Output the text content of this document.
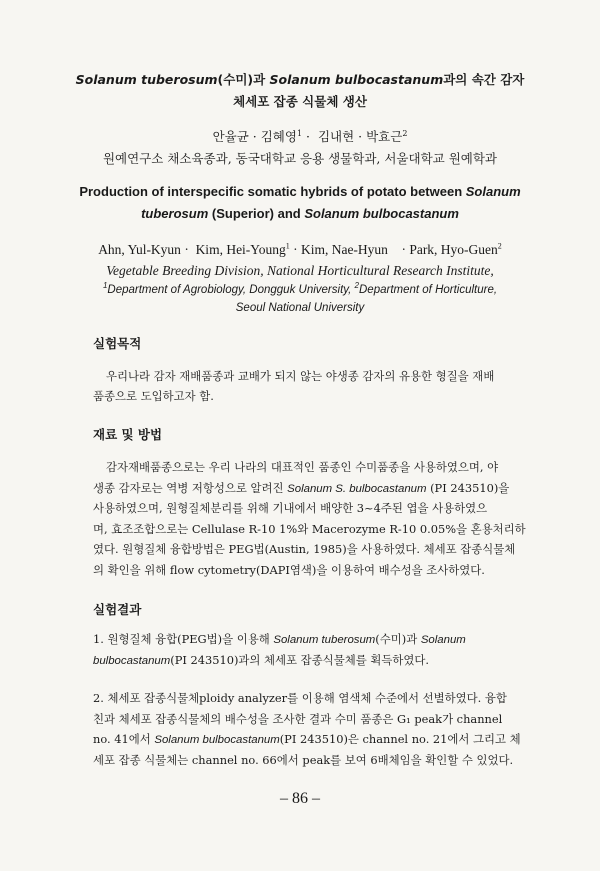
Solanum tuberosum(수미)과 Solanum bulbocastanum과의 속간 감자
체세포 잡종 식물체 생산
안율균 · 김혜영$^1$ ·  김내현 · 박효근$^2$
원예연구소 채소육종과, 동국대학교 응용 생물학과, 서울대학교 원예학과
Production of interspecific somatic hybrids of potato between Solanum
tuberosum (Superior) and Solanum bulbocastanum
Ahn, Yul-Kyun ·  Kim, Hei-Young$^1$ · Kim, Nae-Hyun    · Park, Hyo-Guen$^2$
Vegetable Breeding Division, National Horticultural Research Institute,
$^1$Department of Agrobiology, Dongguk University, $^2$Department of Horticulture,
Seoul National University
실험목적
우리나라 감자 재배품종과 교배가 되지 않는 야생종 감자의 유용한 형질을 재배
품종으로 도입하고자 함.
재료 및 방법
감자재배품종으로는 우리 나라의 대표적인 품종인 수미품종을 사용하였으며, 야
생종 감자로는 역병 저항성으로 알려진 Solanum S. bulbocastanum (PI 243510)을
사용하였으며, 원형질체분리를 위해 기내에서 배양한 3~4주된 엽을 사용하였으
며, 효조조합으로는 Cellulase R-10 1%와 Macerozyme R-10 0.05%을 혼용처리하
였다. 원형질체 융합방법은 PEG법(Austin, 1985)을 사용하였다. 체세포 잡종식물체
의 확인을 위해 flow cytometry(DAPI염색)을 이용하여 배수성을 조사하였다.
실험결과
1. 원형질체 융합(PEG법)을 이용해 Solanum tuberosum(수미)과 Solanum
bulbocastanum(PI 243510)과의 체세포 잡종식물체를 획득하였다.
2. 체세포 잡종식물체ploidy analyzer를 이용해 염색체 수준에서 선별하였다. 융합
친과 체세포 잡종식물체의 배수성을 조사한 결과 수미 품종은 G₁ peak가 channel
no. 41에서 Solanum bulbocastanum(PI 243510)은 channel no. 21에서 그리고 체
세포 잡종 식물체는 channel no. 66에서 peak를 보여 6배체임을 확인할 수 있었다.
– 86 –
